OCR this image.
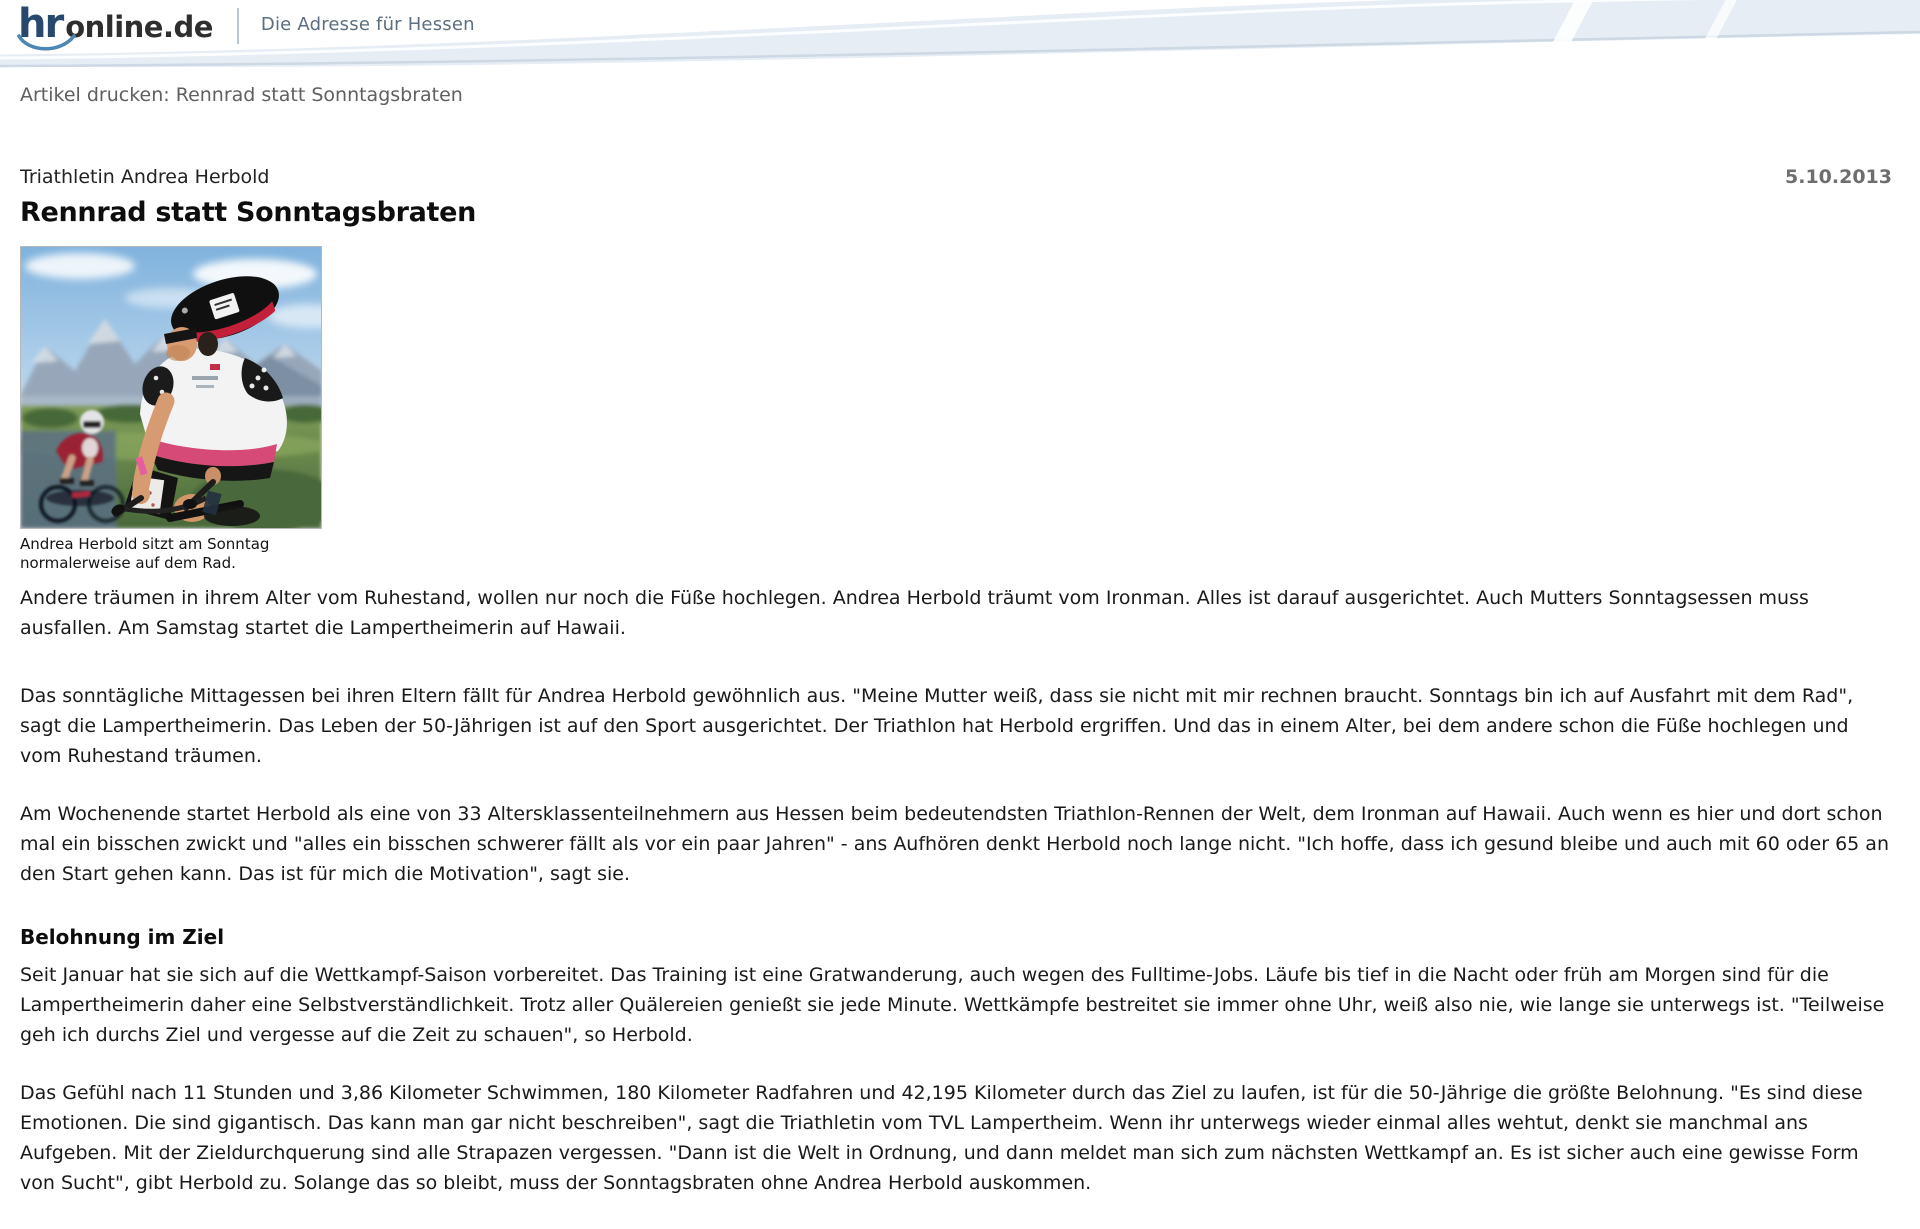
hr online.de	Die Adresse für Hessen
Artikel drucken: Rennrad statt Sonntagsbraten
Triathletin Andrea Herbold	5.10.2013
Rennrad statt Sonntagsbraten
Andrea Herbold sitzt am Sonntag normalerweise auf dem Rad.

Andere träumen in ihrem Alter vom Ruhestand, wollen nur noch die Füße hochlegen. Andrea Herbold träumt vom Ironman. Alles ist darauf ausgerichtet. Auch Mutters Sonntagsessen muss ausfallen. Am Samstag startet die Lampertheimerin auf Hawaii.

Das sonntägliche Mittagessen bei ihren Eltern fällt für Andrea Herbold gewöhnlich aus. "Meine Mutter weiß, dass sie nicht mit mir rechnen braucht. Sonntags bin ich auf Ausfahrt mit dem Rad", sagt die Lampertheimerin. Das Leben der 50-Jährigen ist auf den Sport ausgerichtet. Der Triathlon hat Herbold ergriffen. Und das in einem Alter, bei dem andere schon die Füße hochlegen und vom Ruhestand träumen.

Am Wochenende startet Herbold als eine von 33 Altersklassenteilnehmern aus Hessen beim bedeutendsten Triathlon-Rennen der Welt, dem Ironman auf Hawaii. Auch wenn es hier und dort schon mal ein bisschen zwickt und "alles ein bisschen schwerer fällt als vor ein paar Jahren" - ans Aufhören denkt Herbold noch lange nicht. "Ich hoffe, dass ich gesund bleibe und auch mit 60 oder 65 an den Start gehen kann. Das ist für mich die Motivation", sagt sie.

Belohnung im Ziel

Seit Januar hat sie sich auf die Wettkampf-Saison vorbereitet. Das Training ist eine Gratwanderung, auch wegen des Fulltime-Jobs. Läufe bis tief in die Nacht oder früh am Morgen sind für die Lampertheimerin daher eine Selbstverständlichkeit. Trotz aller Quälereien genießt sie jede Minute. Wettkämpfe bestreitet sie immer ohne Uhr, weiß also nie, wie lange sie unterwegs ist. "Teilweise geh ich durchs Ziel und vergesse auf die Zeit zu schauen", so Herbold.

Das Gefühl nach 11 Stunden und 3,86 Kilometer Schwimmen, 180 Kilometer Radfahren und 42,195 Kilometer durch das Ziel zu laufen, ist für die 50-Jährige die größte Belohnung. "Es sind diese Emotionen. Die sind gigantisch. Das kann man gar nicht beschreiben", sagt die Triathletin vom TVL Lampertheim. Wenn ihr unterwegs wieder einmal alles wehtut, denkt sie manchmal ans Aufgeben. Mit der Zieldurchquerung sind alle Strapazen vergessen. "Dann ist die Welt in Ordnung, und dann meldet man sich zum nächsten Wettkampf an. Es ist sicher auch eine gewisse Form von Sucht", gibt Herbold zu. Solange das so bleibt, muss der Sonntagsbraten ohne Andrea Herbold auskommen.
